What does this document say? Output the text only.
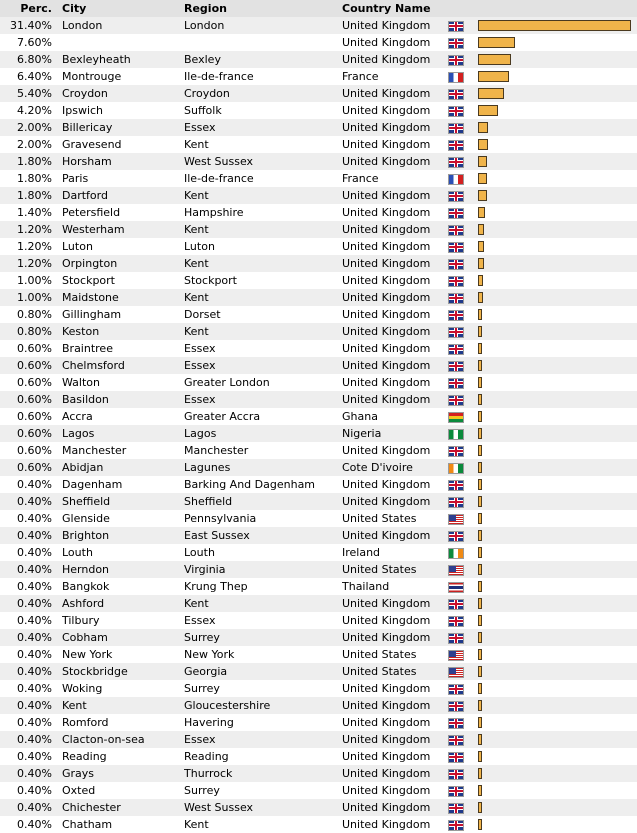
Perc.	City	Region	Country Name		
31.40%	London	London	United Kingdom		

7.60%			United Kingdom		

6.80%	Bexleyheath	Bexley	United Kingdom		

6.40%	Montrouge	Ile-de-france	France		

5.40%	Croydon	Croydon	United Kingdom		

4.20%	Ipswich	Suffolk	United Kingdom		

2.00%	Billericay	Essex	United Kingdom		

2.00%	Gravesend	Kent	United Kingdom		

1.80%	Horsham	West Sussex	United Kingdom		

1.80%	Paris	Ile-de-france	France		

1.80%	Dartford	Kent	United Kingdom		

1.40%	Petersfield	Hampshire	United Kingdom		

1.20%	Westerham	Kent	United Kingdom		

1.20%	Luton	Luton	United Kingdom		

1.20%	Orpington	Kent	United Kingdom		

1.00%	Stockport	Stockport	United Kingdom		

1.00%	Maidstone	Kent	United Kingdom		

0.80%	Gillingham	Dorset	United Kingdom		

0.80%	Keston	Kent	United Kingdom		

0.60%	Braintree	Essex	United Kingdom		

0.60%	Chelmsford	Essex	United Kingdom		

0.60%	Walton	Greater London	United Kingdom		

0.60%	Basildon	Essex	United Kingdom		

0.60%	Accra	Greater Accra	Ghana		

0.60%	Lagos	Lagos	Nigeria		

0.60%	Manchester	Manchester	United Kingdom		

0.60%	Abidjan	Lagunes	Cote D'ivoire		

0.40%	Dagenham	Barking And Dagenham	United Kingdom		

0.40%	Sheffield	Sheffield	United Kingdom		

0.40%	Glenside	Pennsylvania	United States		

0.40%	Brighton	East Sussex	United Kingdom		

0.40%	Louth	Louth	Ireland		

0.40%	Herndon	Virginia	United States		

0.40%	Bangkok	Krung Thep	Thailand		

0.40%	Ashford	Kent	United Kingdom		

0.40%	Tilbury	Essex	United Kingdom		

0.40%	Cobham	Surrey	United Kingdom		

0.40%	New York	New York	United States		

0.40%	Stockbridge	Georgia	United States		

0.40%	Woking	Surrey	United Kingdom		

0.40%	Kent	Gloucestershire	United Kingdom		

0.40%	Romford	Havering	United Kingdom		

0.40%	Clacton-on-sea	Essex	United Kingdom		

0.40%	Reading	Reading	United Kingdom		

0.40%	Grays	Thurrock	United Kingdom		

0.40%	Oxted	Surrey	United Kingdom		

0.40%	Chichester	West Sussex	United Kingdom		

0.40%	Chatham	Kent	United Kingdom		
